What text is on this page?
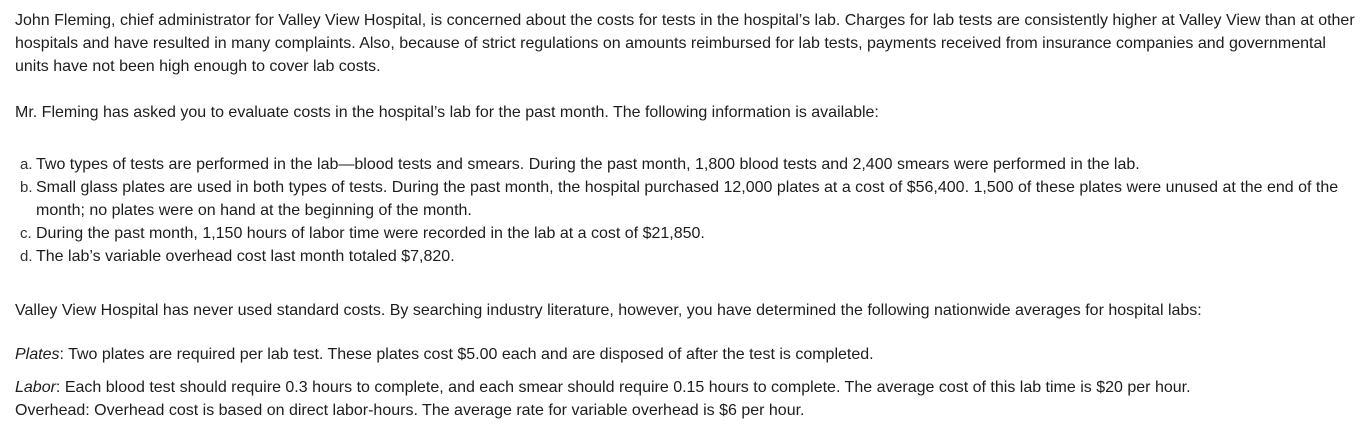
John Fleming, chief administrator for Valley View Hospital, is concerned about the costs for tests in the hospital’s lab. Charges for lab tests are consistently higher at Valley View than at other hospitals and have resulted in many complaints. Also, because of strict regulations on amounts reimbursed for lab tests, payments received from insurance companies and governmental units have not been high enough to cover lab costs.

Mr. Fleming has asked you to evaluate costs in the hospital’s lab for the past month. The following information is available:

a. Two types of tests are performed in the lab—blood tests and smears. During the past month, 1,800 blood tests and 2,400 smears were performed in the lab.
b. Small glass plates are used in both types of tests. During the past month, the hospital purchased 12,000 plates at a cost of $56,400. 1,500 of these plates were unused at the end of the month; no plates were on hand at the beginning of the month.
c. During the past month, 1,150 hours of labor time were recorded in the lab at a cost of $21,850.
d. The lab’s variable overhead cost last month totaled $7,820.

Valley View Hospital has never used standard costs. By searching industry literature, however, you have determined the following nationwide averages for hospital labs:

Plates: Two plates are required per lab test. These plates cost $5.00 each and are disposed of after the test is completed.

Labor: Each blood test should require 0.3 hours to complete, and each smear should require 0.15 hours to complete. The average cost of this lab time is $20 per hour.

Overhead: Overhead cost is based on direct labor-hours. The average rate for variable overhead is $6 per hour.
